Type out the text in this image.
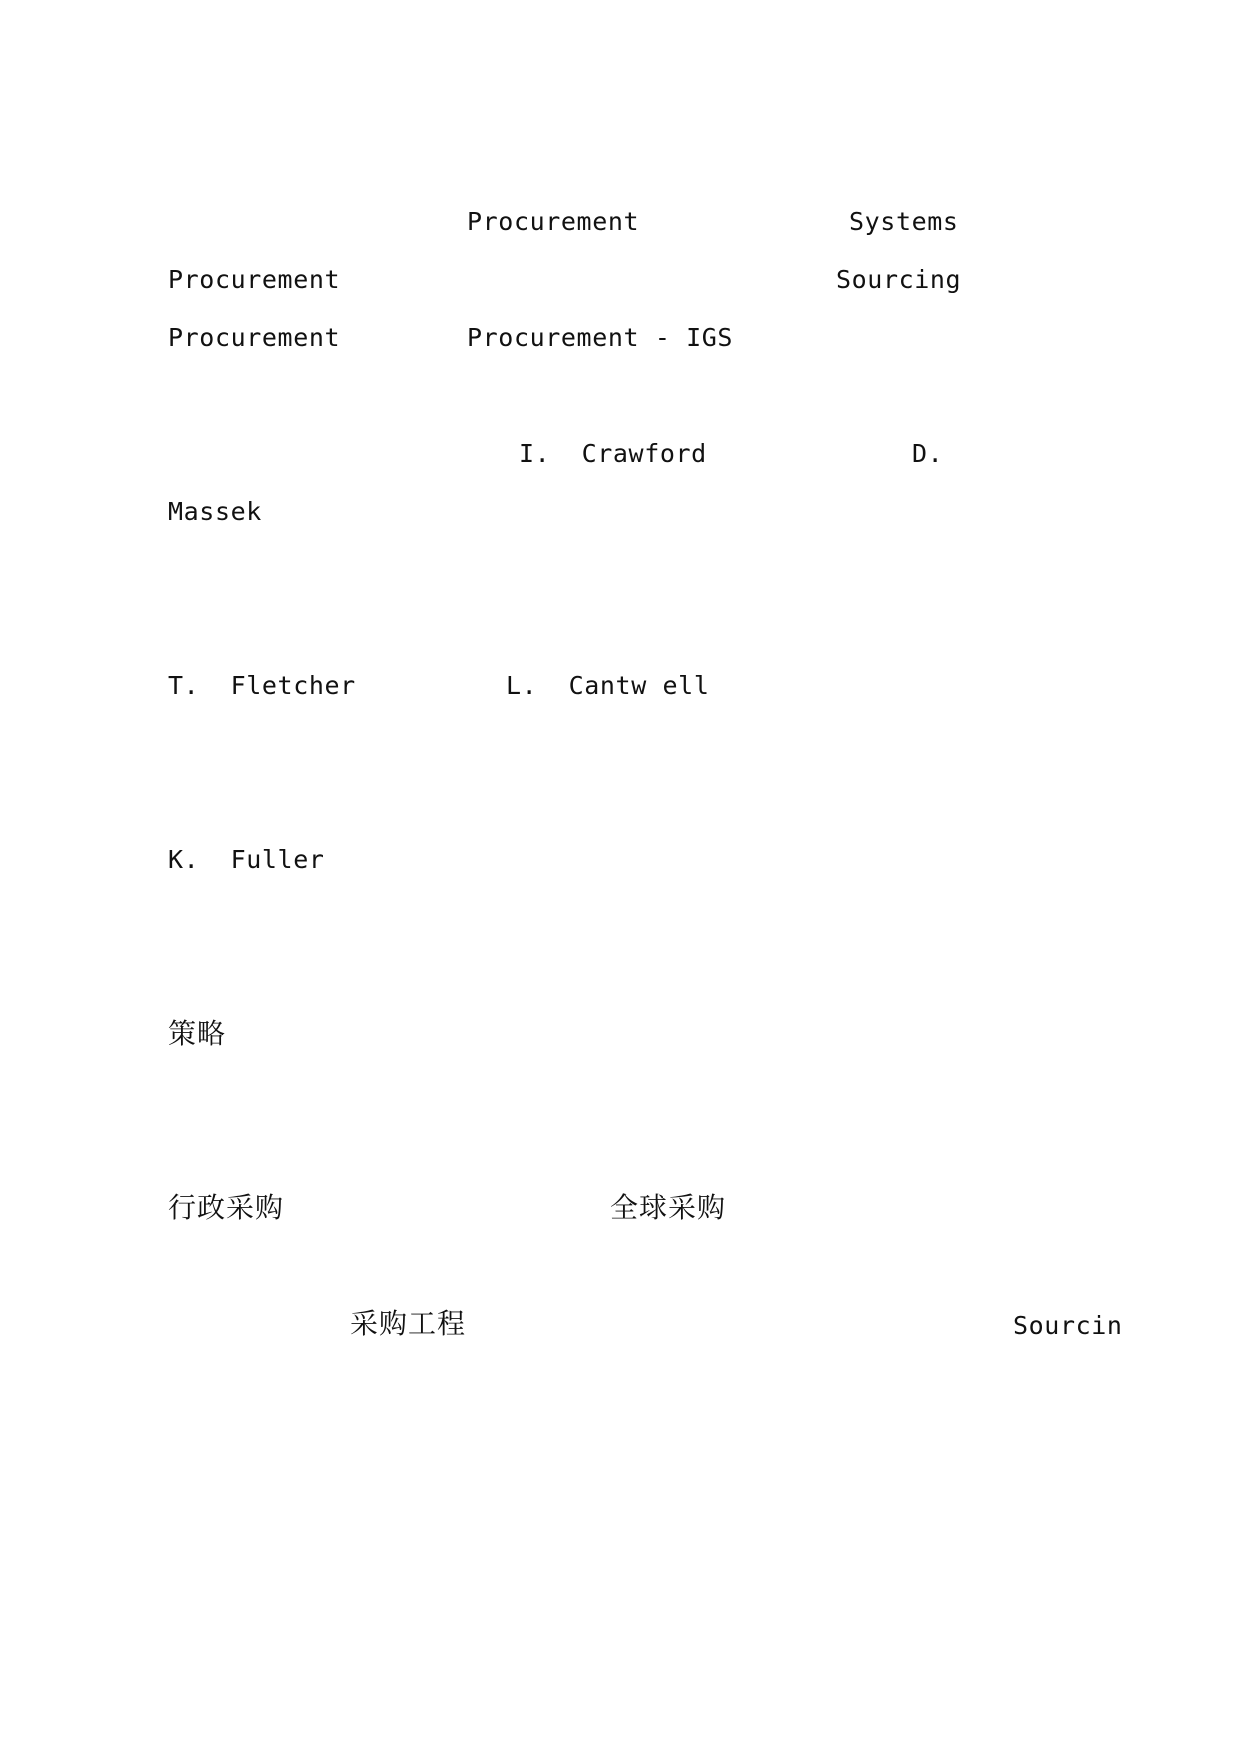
Procurement	Systems

Procurement	Sourcing

Procurement	Procurement - IGS

I.  Crawford	D.

Massek

T.  Fletcher	L.  Cantw ell

K.  Fuller

策略

行政采购	全球采购

采购工程	Sourcin
